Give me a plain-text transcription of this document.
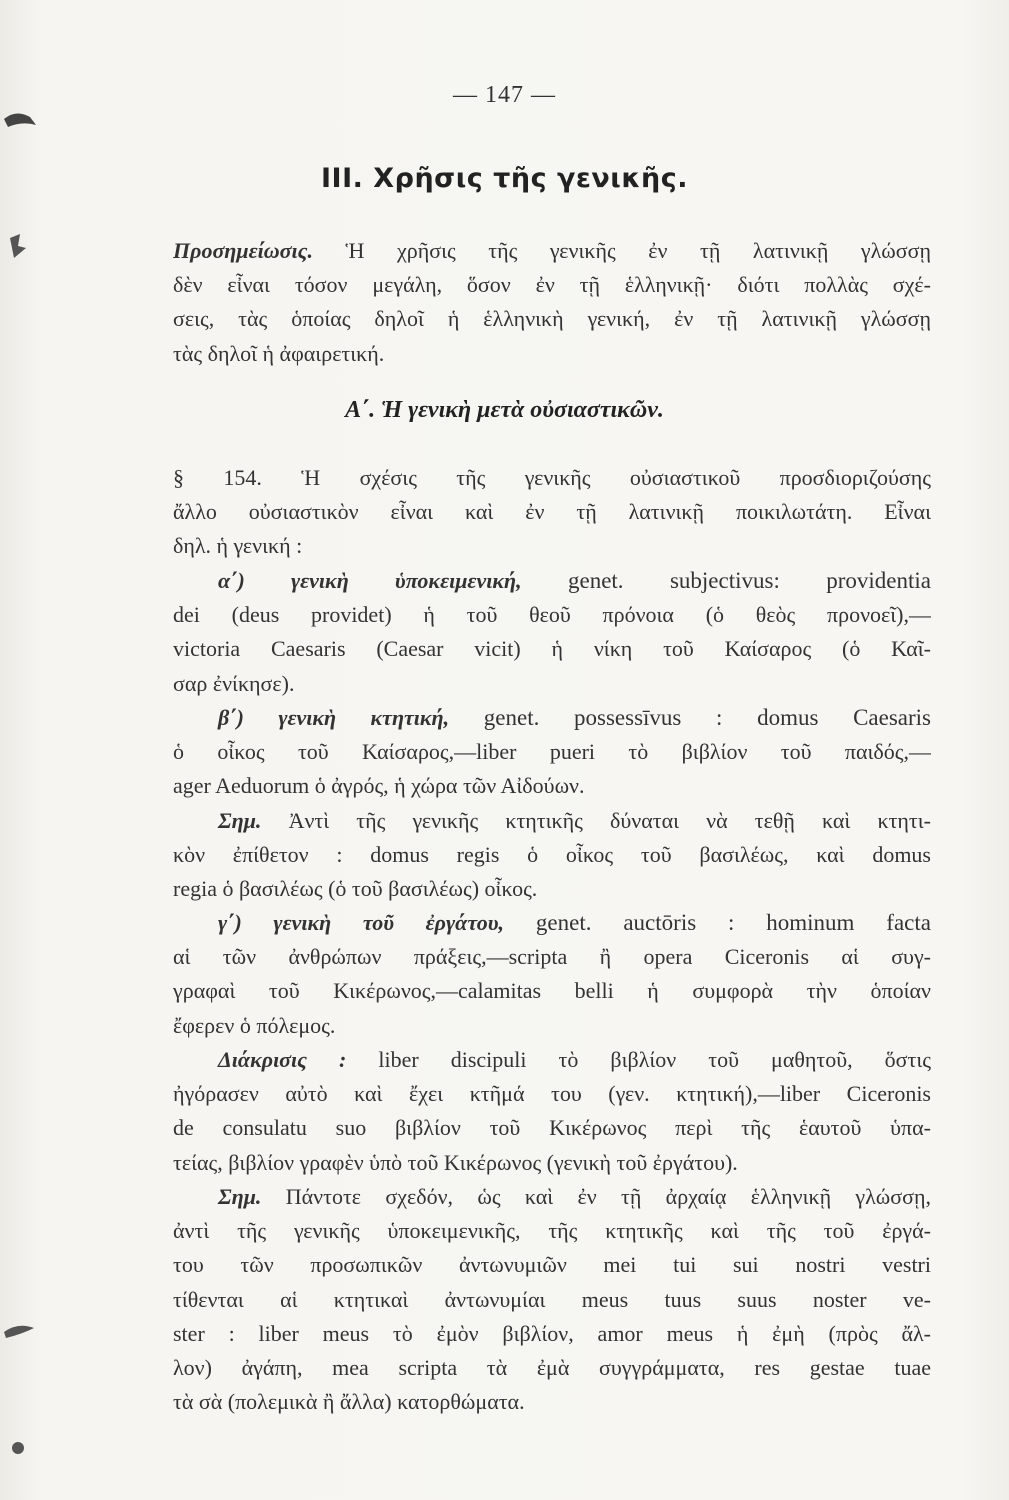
— 147 —
III. Χρῆσις τῆς γενικῆς.
Προσημείωσις. Ἡ χρῆσις τῆς γενικῆς ἐν τῇ λατινικῇ γλώσσῃ
δὲν εἶναι τόσον μεγάλη, ὅσον ἐν τῇ ἑλληνικῇ· διότι πολλὰς σχέ-
σεις, τὰς ὁποίας δηλοῖ ἡ ἑλληνικὴ γενική, ἐν τῇ λατινικῇ γλώσσῃ
τὰς δηλοῖ ἡ ἀφαιρετική.
Α΄. Ἡ γενικὴ μετὰ οὐσιαστικῶν.
§ 154. Ἡ σχέσις τῆς γενικῆς οὐσιαστικοῦ προσδιοριζούσης
ἄλλο οὐσιαστικὸν εἶναι καὶ ἐν τῇ λατινικῇ ποικιλωτάτη. Εἶναι
δηλ. ἡ γενική :
α΄) γενικὴ ὑποκειμενική, genet. subjectivus: providentia
dei (deus providet) ἡ τοῦ θεοῦ πρόνοια (ὁ θεὸς προνοεῖ),—
victoria Caesaris (Caesar vicit) ἡ νίκη τοῦ Καίσαρος (ὁ Καῖ-
σαρ ἐνίκησε).
β΄) γενικὴ κτητική, genet. possessīvus : domus Caesaris
ὁ οἶκος τοῦ Καίσαρος,—liber pueri τὸ βιβλίον τοῦ παιδός,—
ager Aeduorum ὁ ἀγρός, ἡ χώρα τῶν Αἰδούων.
Σημ. Ἀντὶ τῆς γενικῆς κτητικῆς δύναται νὰ τεθῇ καὶ κτητι-
κὸν ἐπίθετον : domus regis ὁ οἶκος τοῦ βασιλέως, καὶ domus
regia ὁ βασιλέως (ὁ τοῦ βασιλέως) οἶκος.
γ΄) γενικὴ τοῦ ἐργάτου, genet. auctōris : hominum facta
αἱ τῶν ἀνθρώπων πράξεις,—scripta ἢ opera Ciceronis αἱ συγ-
γραφαὶ τοῦ Κικέρωνος,—calamitas belli ἡ συμφορὰ τὴν ὁποίαν
ἔφερεν ὁ πόλεμος.
Διάκρισις : liber discipuli τὸ βιβλίον τοῦ μαθητοῦ, ὅστις
ἠγόρασεν αὐτὸ καὶ ἔχει κτῆμά του (γεν. κτητική),—liber Ciceronis
de consulatu suo βιβλίον τοῦ Κικέρωνος περὶ τῆς ἑαυτοῦ ὑπα-
τείας, βιβλίον γραφὲν ὑπὸ τοῦ Κικέρωνος (γενικὴ τοῦ ἐργάτου).
Σημ. Πάντοτε σχεδόν, ὡς καὶ ἐν τῇ ἀρχαίᾳ ἑλληνικῇ γλώσσῃ,
ἀντὶ τῆς γενικῆς ὑποκειμενικῆς, τῆς κτητικῆς καὶ τῆς τοῦ ἐργά-
του τῶν προσωπικῶν ἀντωνυμιῶν mei tui sui nostri vestri
τίθενται αἱ κτητικαὶ ἀντωνυμίαι meus tuus suus noster ve-
ster : liber meus τὸ ἐμὸν βιβλίον, amor meus ἡ ἐμὴ (πρὸς ἄλ-
λον) ἀγάπη, mea scripta τὰ ἐμὰ συγγράμματα, res gestae tuae
τὰ σὰ (πολεμικὰ ἢ ἄλλα) κατορθώματα.
